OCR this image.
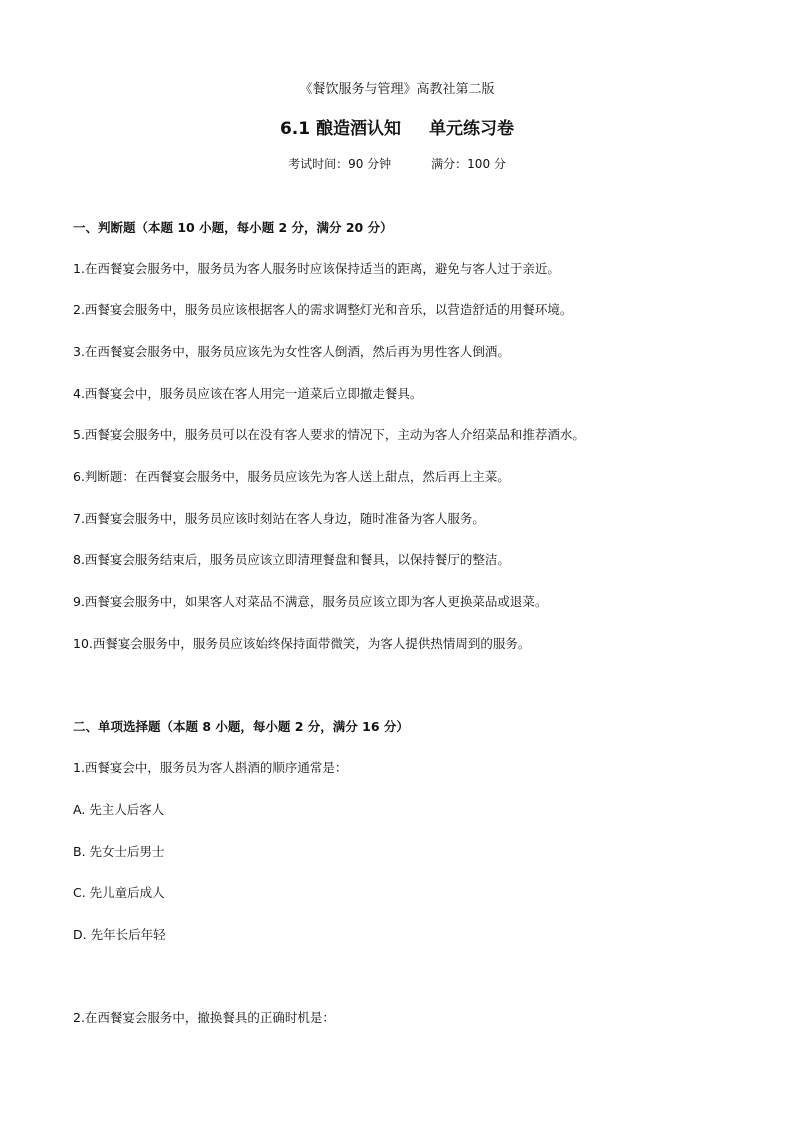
《餐饮服务与管理》高教社第二版
6.1 酿造酒认知 单元练习卷
考试时间：90 分钟	满分：100 分
一、判断题（本题 10 小题，每小题 2 分，满分 20 分）
1.在西餐宴会服务中，服务员为客人服务时应该保持适当的距离，避免与客人过于亲近。
2.西餐宴会服务中，服务员应该根据客人的需求调整灯光和音乐，以营造舒适的用餐环境。
3.在西餐宴会服务中，服务员应该先为女性客人倒酒，然后再为男性客人倒酒。
4.西餐宴会中，服务员应该在客人用完一道菜后立即撤走餐具。
5.西餐宴会服务中，服务员可以在没有客人要求的情况下，主动为客人介绍菜品和推荐酒水。
6.判断题：在西餐宴会服务中，服务员应该先为客人送上甜点，然后再上主菜。
7.西餐宴会服务中，服务员应该时刻站在客人身边，随时准备为客人服务。
8.西餐宴会服务结束后，服务员应该立即清理餐盘和餐具，以保持餐厅的整洁。
9.西餐宴会服务中，如果客人对菜品不满意，服务员应该立即为客人更换菜品或退菜。
10.西餐宴会服务中，服务员应该始终保持面带微笑，为客人提供热情周到的服务。
二、单项选择题（本题 8 小题，每小题 2 分，满分 16 分）
1.西餐宴会中，服务员为客人斟酒的顺序通常是：
A. 先主人后客人
B. 先女士后男士
C. 先儿童后成人
D. 先年长后年轻
2.在西餐宴会服务中，撤换餐具的正确时机是：
